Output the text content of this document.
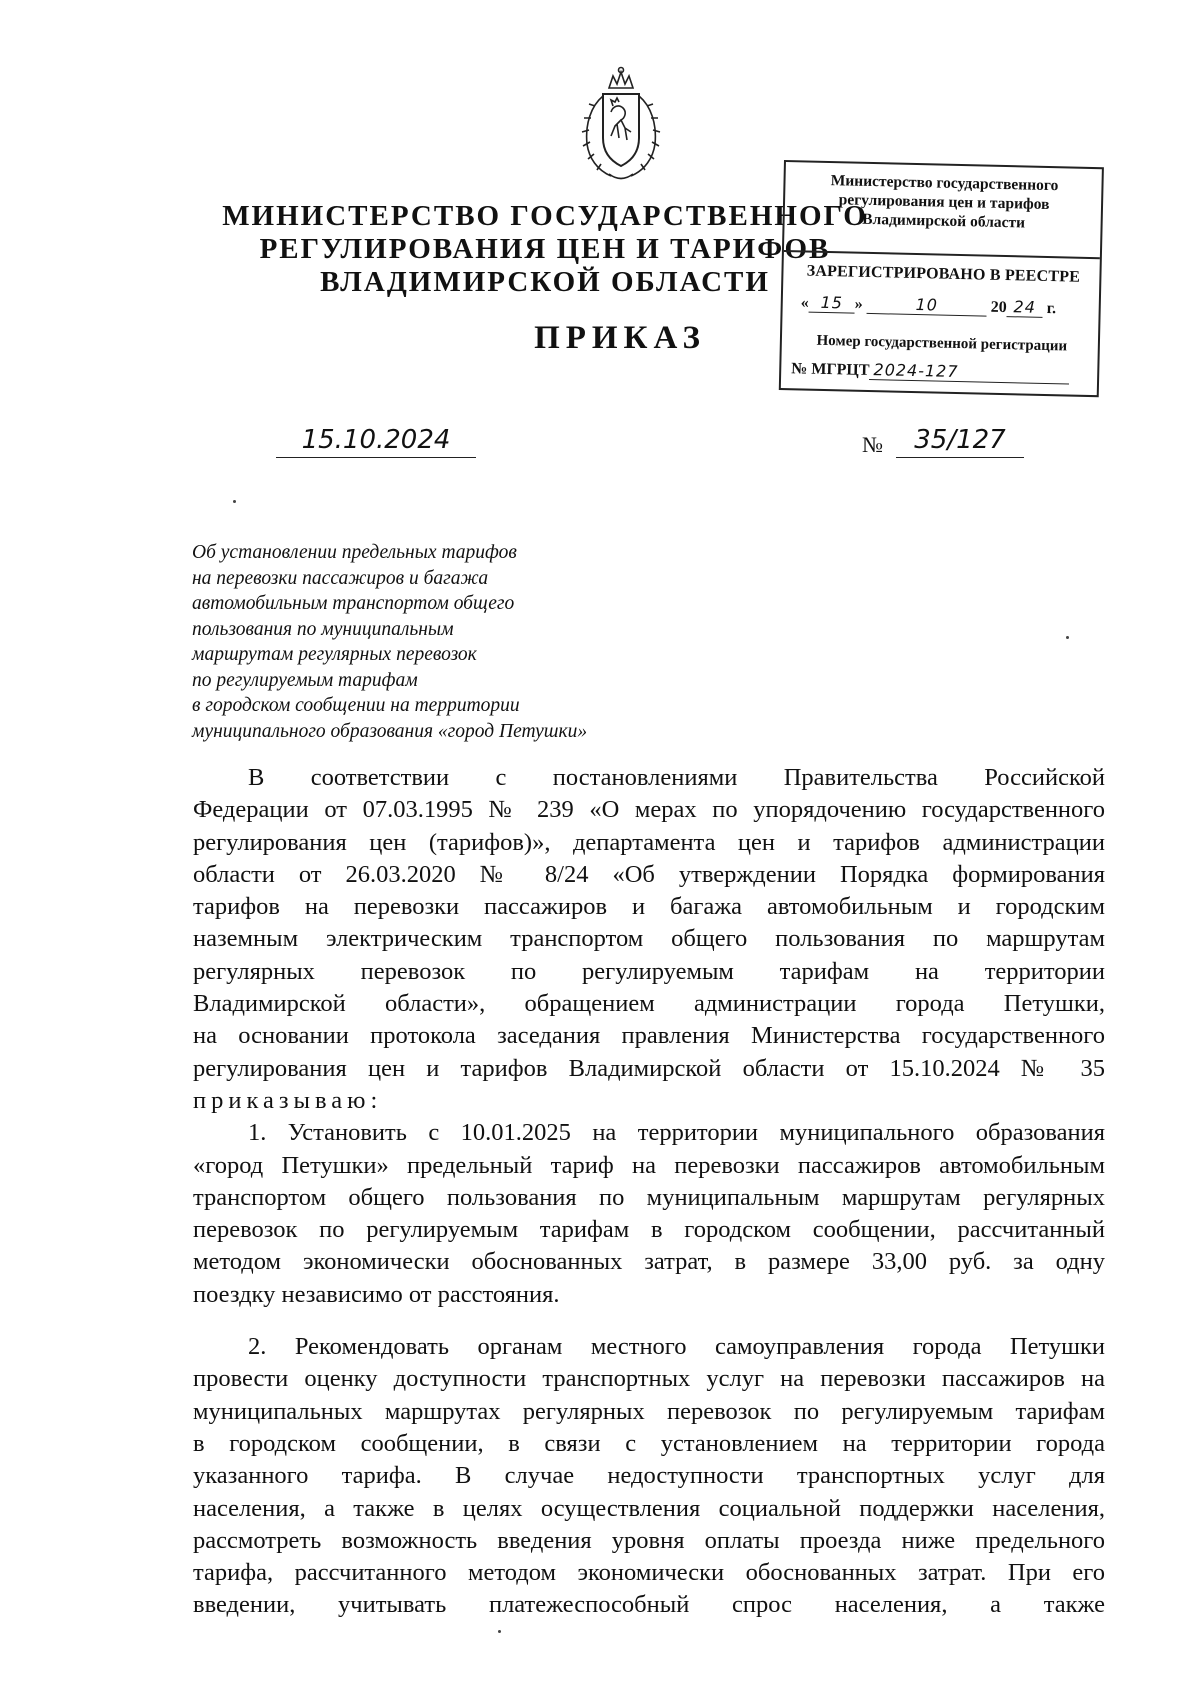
МИНИСТЕРСТВО ГОСУДАРСТВЕННОГО
РЕГУЛИРОВАНИЯ ЦЕН И ТАРИФОВ
ВЛАДИМИРСКОЙ ОБЛАСТИ
ПРИКАЗ
Министерство государственного
регулирования цен и тарифов
Владимирской области
ЗАРЕГИСТРИРОВАНО В РЕЕСТРЕ
« 15 »	10	20 24 г.
Номер государственной регистрации
№ МГРЦТ 2024-127
15.10.2024	№	35/127
Об установлении предельных тарифов
на перевозки пассажиров и багажа
автомобильным транспортом общего
пользования по муниципальным
маршрутам регулярных перевозок
по регулируемым тарифам
в городском сообщении на территории
муниципального образования «город Петушки»
В соответствии с постановлениями Правительства Российской
Федерации от 07.03.1995 № 239 «О мерах по упорядочению государственного
регулирования цен (тарифов)», департамента цен и тарифов администрации
области от 26.03.2020 № 8/24 «Об утверждении Порядка формирования
тарифов на перевозки пассажиров и багажа автомобильным и городским
наземным электрическим транспортом общего пользования по маршрутам
регулярных перевозок по регулируемым тарифам на территории
Владимирской области», обращением администрации города Петушки,
на основании протокола заседания правления Министерства государственного
регулирования цен и тарифов Владимирской области от 15.10.2024 № 35
приказываю:
1. Установить с 10.01.2025 на территории муниципального образования
«город Петушки» предельный тариф на перевозки пассажиров автомобильным
транспортом общего пользования по муниципальным маршрутам регулярных
перевозок по регулируемым тарифам в городском сообщении, рассчитанный
методом экономически обоснованных затрат, в размере 33,00 руб. за одну
поездку независимо от расстояния.
2. Рекомендовать органам местного самоуправления города Петушки
провести оценку доступности транспортных услуг на перевозки пассажиров на
муниципальных маршрутах регулярных перевозок по регулируемым тарифам
в городском сообщении, в связи с установлением на территории города
указанного тарифа. В случае недоступности транспортных услуг для
населения, а также в целях осуществления социальной поддержки населения,
рассмотреть возможность введения уровня оплаты проезда ниже предельного
тарифа, рассчитанного методом экономически обоснованных затрат. При его
введении, учитывать платежеспособный спрос населения, а также
